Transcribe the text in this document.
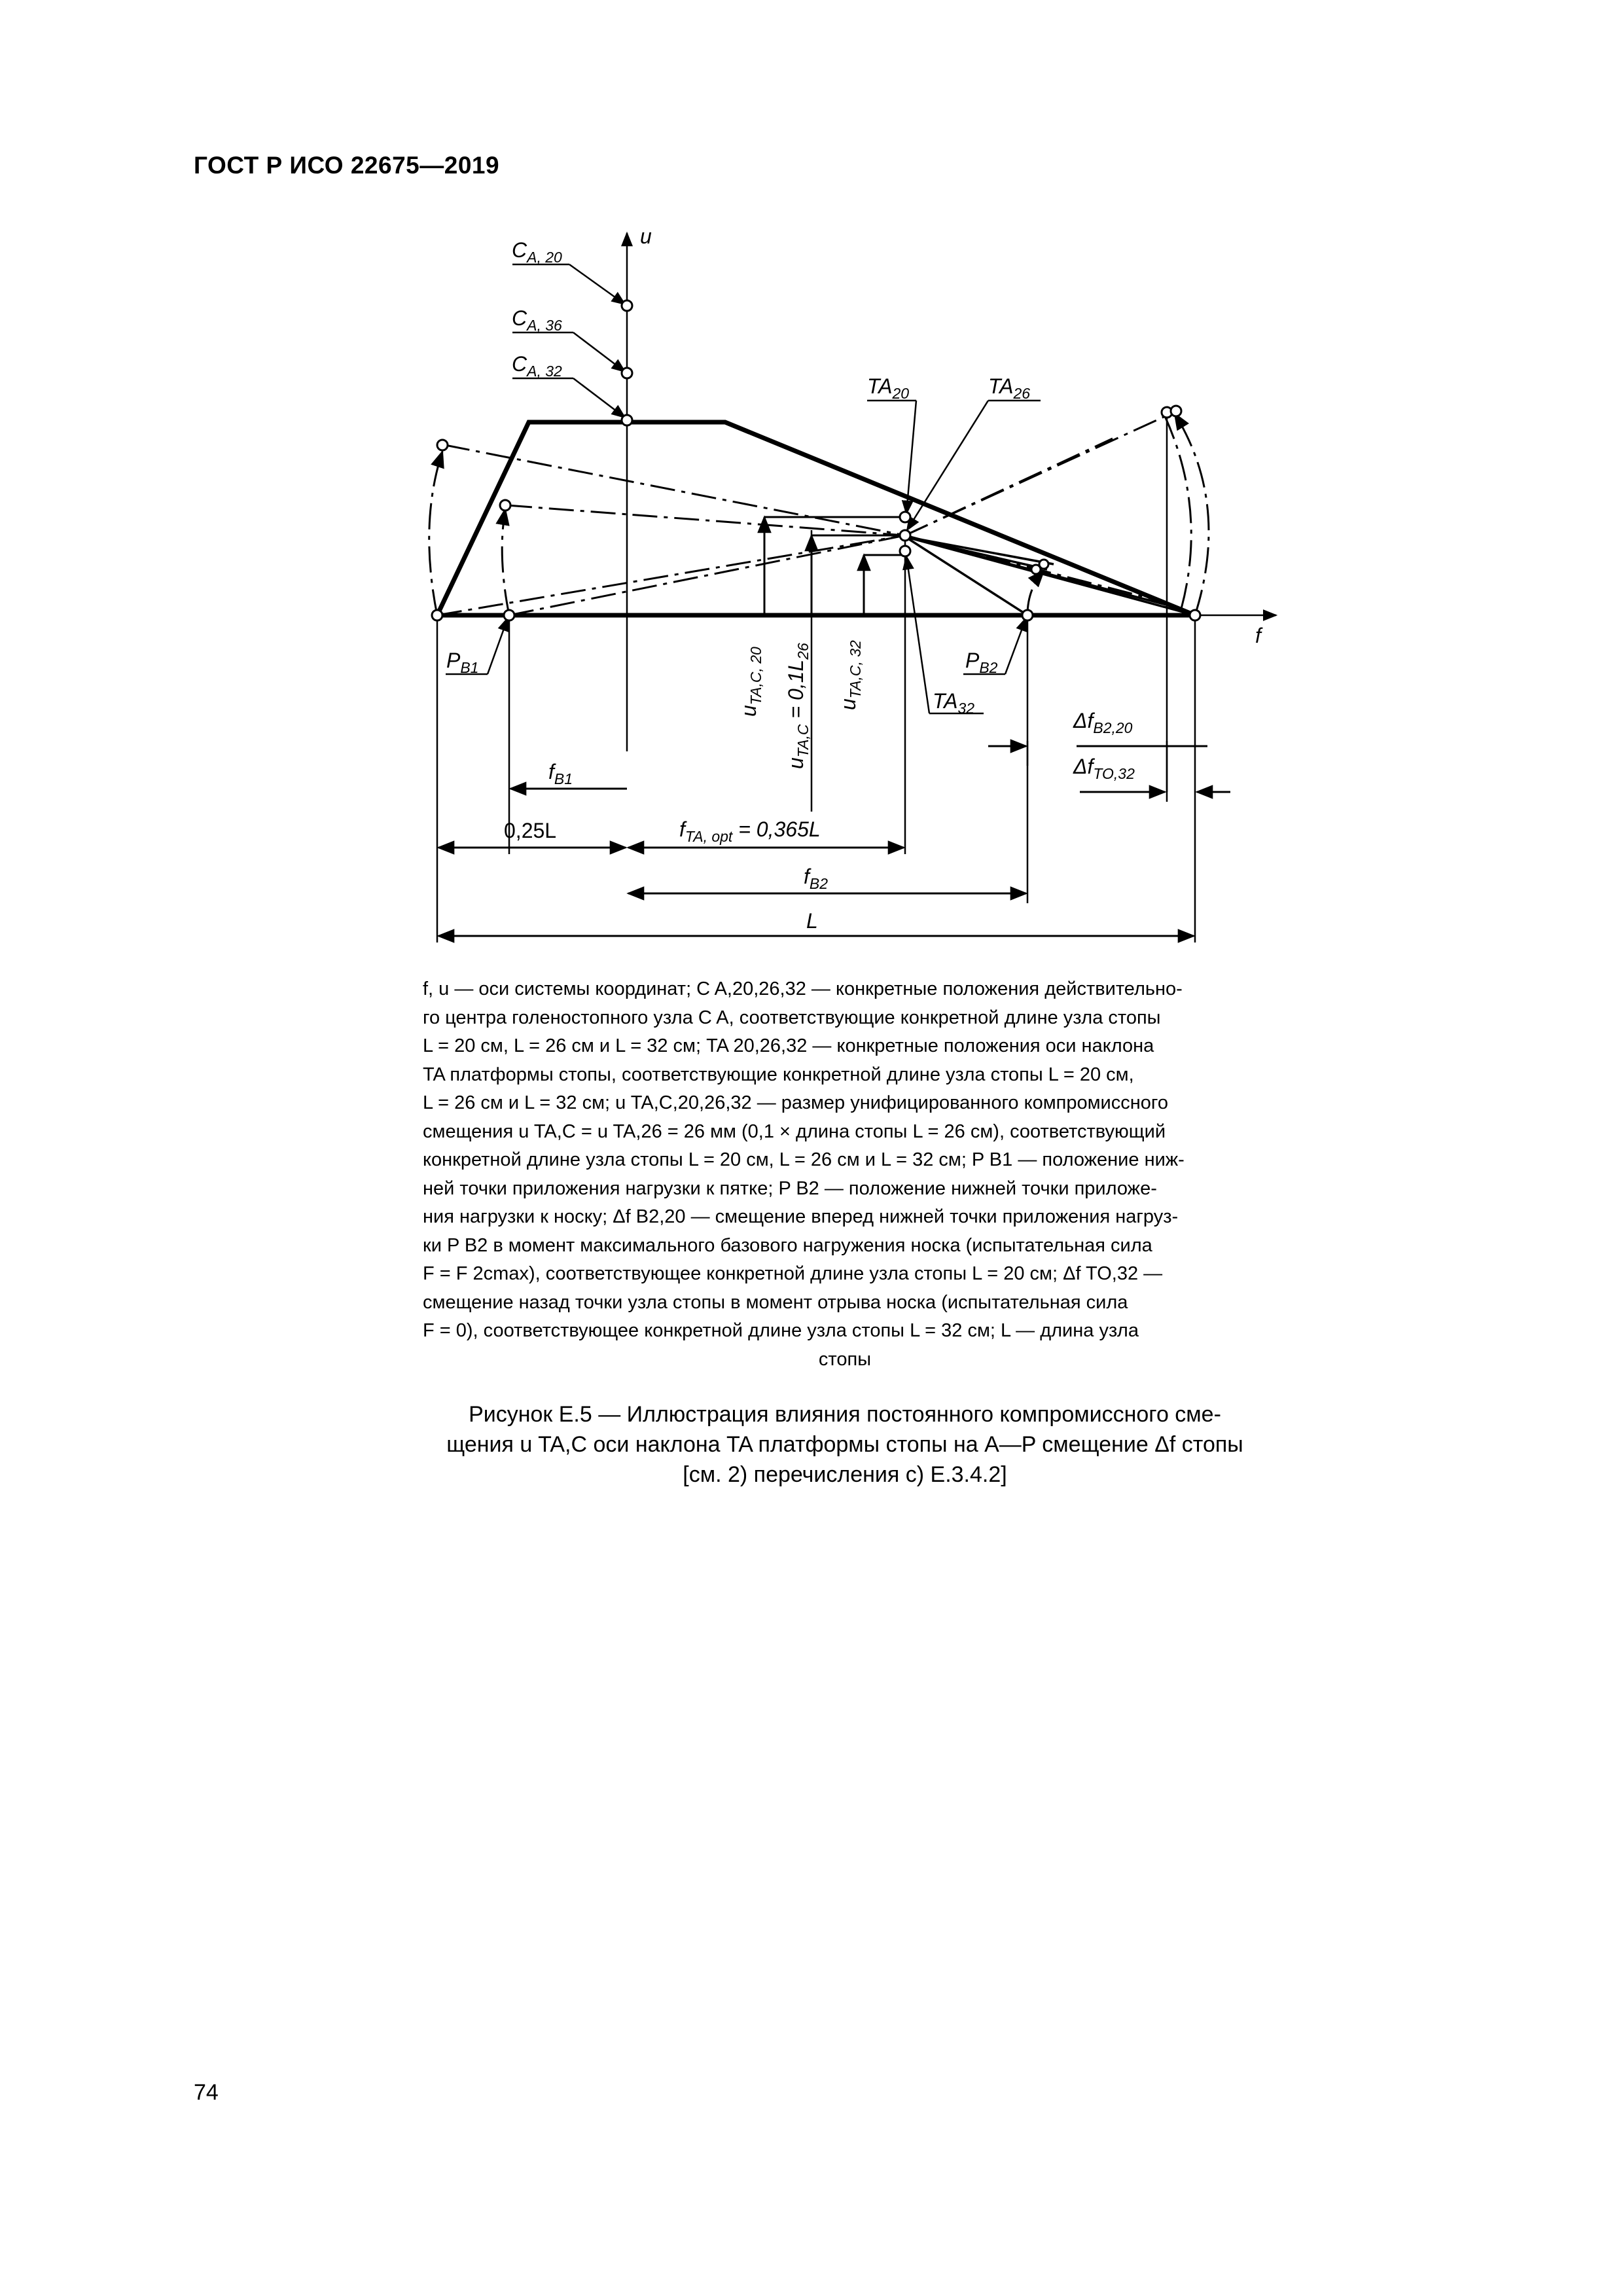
ГОСТ Р ИСО 22675—2019
u
f
$C_{A, 20}$
$C_{A, 36}$
$C_{A, 32}$
$TA_{20}$	$TA_{26}$
$TA_{32}$
$P_{B1}$	$P_{B2}$
$u_{TA,C, 20}$
$u_{TA,C} = 0,1L_{26}$
$u_{TA,C, 32}$
$f_{B1}$
0,25L	$f_{TA, opt} = 0,365L$
$f_{B2}$
L
$\Delta f_{B2,20}$
$\Delta f_{TO,32}$
f, u — оси системы координат; C A,20,26,32 — конкретные положения действительно-
го центра голеностопного узла C A, соответствующие конкретной длине узла стопы
L = 20 см, L = 26 см и L = 32 см; TA 20,26,32 — конкретные положения оси наклона
TA платформы стопы, соответствующие конкретной длине узла стопы L = 20 см,
L = 26 см и L = 32 см; u TA,C,20,26,32 — размер унифицированного компромиссного
смещения u TA,C = u TA,26 = 26 мм (0,1 × длина стопы L = 26 см), соответствующий
конкретной длине узла стопы L = 20 см, L = 26 см и L = 32 см; P B1 — положение ниж-
ней точки приложения нагрузки к пятке; P B2 — положение нижней точки приложе-
ния нагрузки к носку; Δf B2,20 — смещение вперед нижней точки приложения нагруз-
ки P B2 в момент максимального базового нагружения носка (испытательная сила
F = F 2cmax), соответствующее конкретной длине узла стопы L = 20 см; Δf TO,32 —
смещение назад точки узла стопы в момент отрыва носка (испытательная сила
F = 0), соответствующее конкретной длине узла стопы L = 32 см; L — длина узла
стопы
Рисунок Е.5 — Иллюстрация влияния постоянного компромиссного сме-
щения u TA,C оси наклона TA платформы стопы на A—P смещение Δf стопы
[см. 2) перечисления с) Е.3.4.2]
74
